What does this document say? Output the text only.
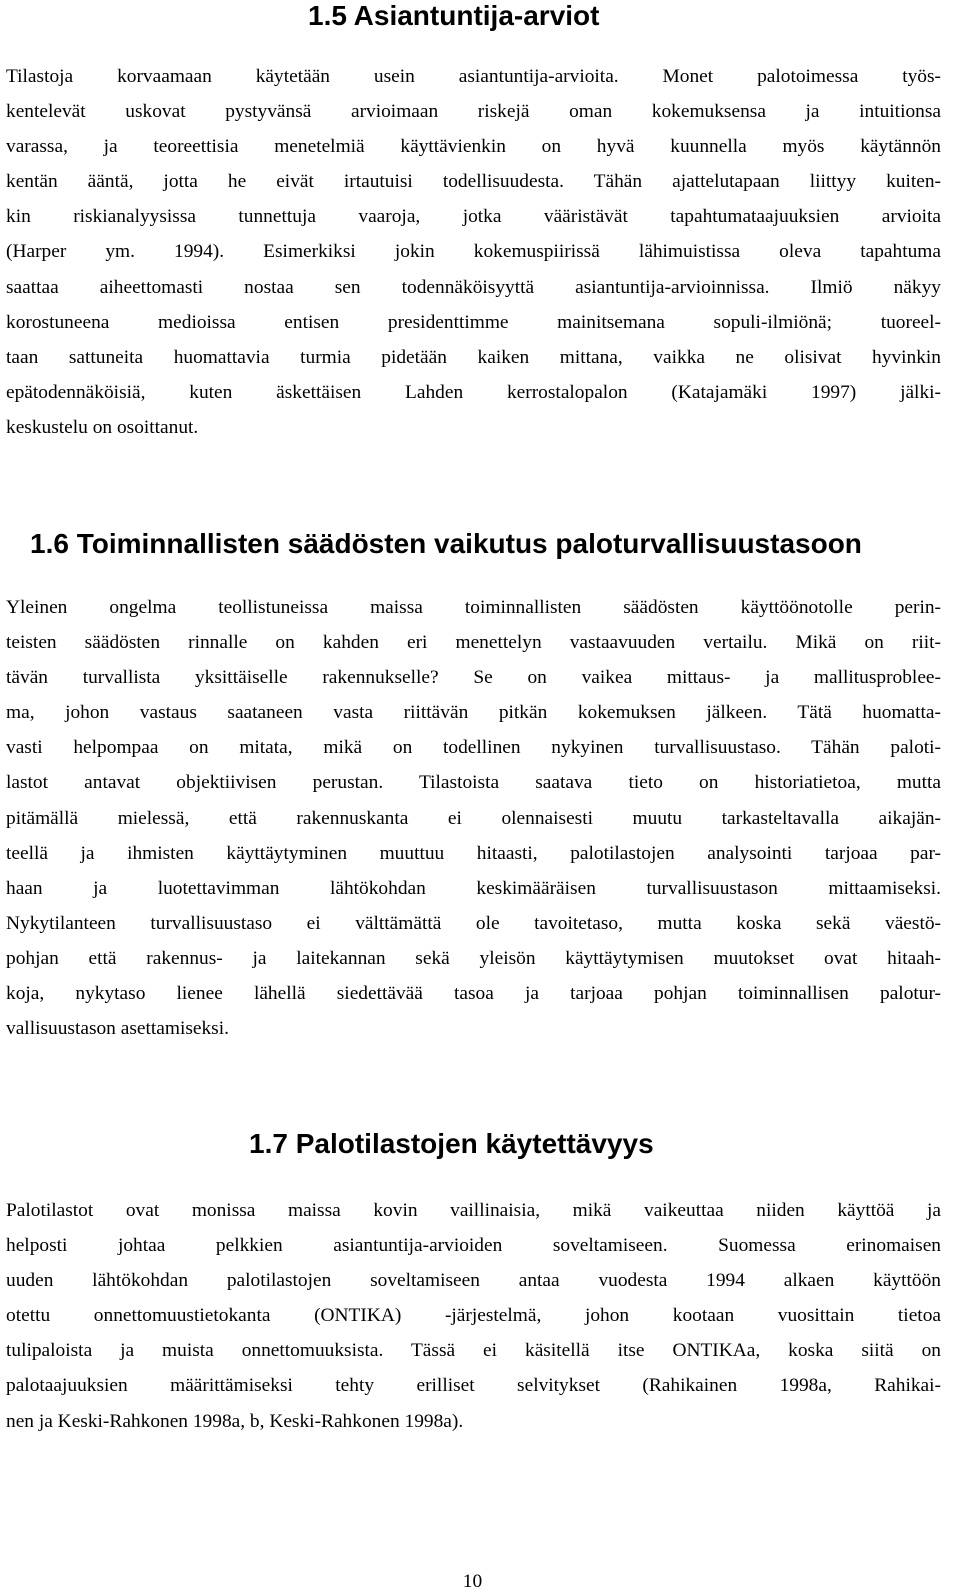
1.5 Asiantuntija-arviot
Tilastoja korvaamaan käytetään usein asiantuntija-arvioita. Monet palotoimessa työs-
kentelevät uskovat pystyvänsä arvioimaan riskejä oman kokemuksensa ja intuitionsa
varassa, ja teoreettisia menetelmiä käyttävienkin on hyvä kuunnella myös käytännön
kentän ääntä, jotta he eivät irtautuisi todellisuudesta. Tähän ajattelutapaan liittyy kuiten-
kin riskianalyysissa tunnettuja vaaroja, jotka vääristävät tapahtumataajuuksien arvioita
(Harper ym. 1994). Esimerkiksi jokin kokemuspiirissä lähimuistissa oleva tapahtuma
saattaa aiheettomasti nostaa sen todennäköisyyttä asiantuntija-arvioinnissa. Ilmiö näkyy
korostuneena medioissa entisen presidenttimme mainitsemana sopuli-ilmiönä; tuoreel-
taan sattuneita huomattavia turmia pidetään kaiken mittana, vaikka ne olisivat hyvinkin
epätodennäköisiä, kuten äskettäisen Lahden kerrostalopalon (Katajamäki 1997) jälki-
keskustelu on osoittanut.
1.6 Toiminnallisten säädösten vaikutus paloturvallisuustasoon
Yleinen ongelma teollistuneissa maissa toiminnallisten säädösten käyttöönotolle perin-
teisten säädösten rinnalle on kahden eri menettelyn vastaavuuden vertailu. Mikä on riit-
tävän turvallista yksittäiselle rakennukselle? Se on vaikea mittaus- ja mallitusproblee-
ma, johon vastaus saataneen vasta riittävän pitkän kokemuksen jälkeen. Tätä huomatta-
vasti helpompaa on mitata, mikä on todellinen nykyinen turvallisuustaso. Tähän paloti-
lastot antavat objektiivisen perustan. Tilastoista saatava tieto on historiatietoa, mutta
pitämällä mielessä, että rakennuskanta ei olennaisesti muutu tarkasteltavalla aikajän-
teellä ja ihmisten käyttäytyminen muuttuu hitaasti, palotilastojen analysointi tarjoaa par-
haan ja luotettavimman lähtökohdan keskimääräisen turvallisuustason mittaamiseksi.
Nykytilanteen turvallisuustaso ei välttämättä ole tavoitetaso, mutta koska sekä väestö-
pohjan että rakennus- ja laitekannan sekä yleisön käyttäytymisen muutokset ovat hitaah-
koja, nykytaso lienee lähellä siedettävää tasoa ja tarjoaa pohjan toiminnallisen palotur-
vallisuustason asettamiseksi.
1.7 Palotilastojen käytettävyys
Palotilastot ovat monissa maissa kovin vaillinaisia, mikä vaikeuttaa niiden käyttöä ja
helposti johtaa pelkkien asiantuntija-arvioiden soveltamiseen. Suomessa erinomaisen
uuden lähtökohdan palotilastojen soveltamiseen antaa vuodesta 1994 alkaen käyttöön
otettu onnettomuustietokanta (ONTIKA) -järjestelmä, johon kootaan vuosittain tietoa
tulipaloista ja muista onnettomuuksista. Tässä ei käsitellä itse ONTIKAa, koska siitä on
palotaajuuksien määrittämiseksi tehty erilliset selvitykset (Rahikainen 1998a, Rahikai-
nen ja Keski-Rahkonen 1998a, b, Keski-Rahkonen 1998a).
10
